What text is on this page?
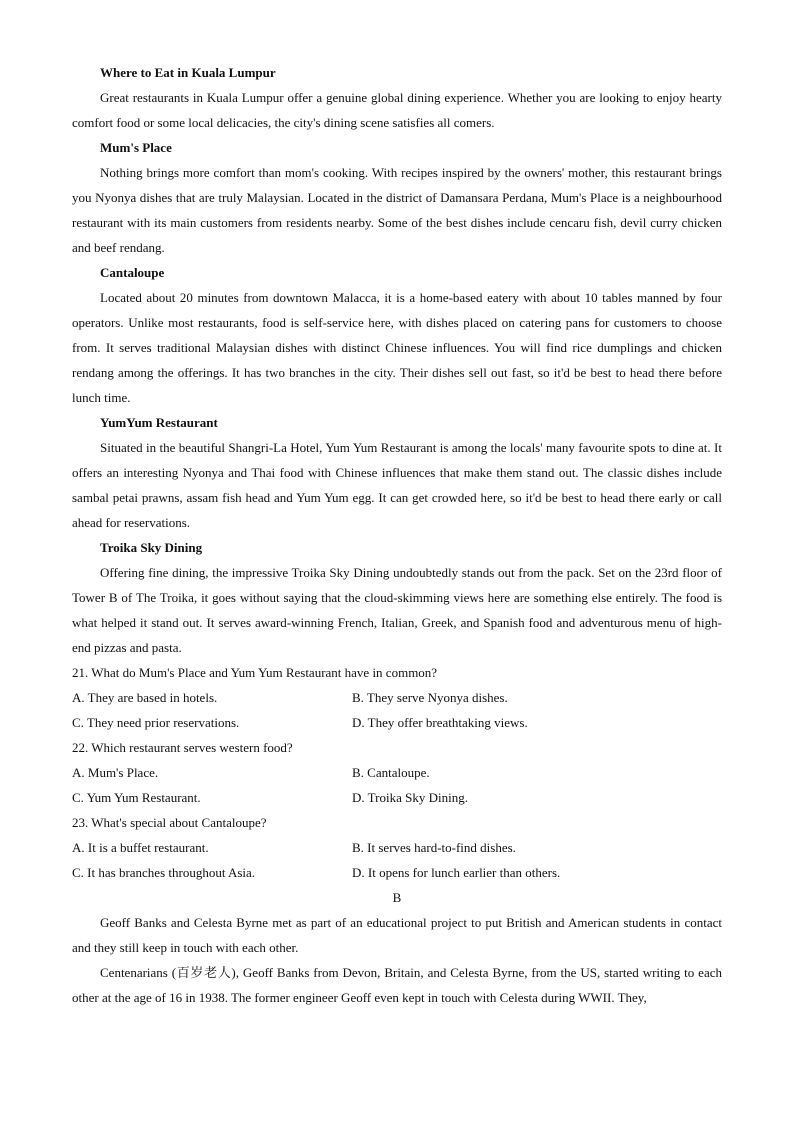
Where to Eat in Kuala Lumpur

Great restaurants in Kuala Lumpur offer a genuine global dining experience. Whether you are looking to enjoy hearty comfort food or some local delicacies, the city's dining scene satisfies all comers.

Mum's Place

Nothing brings more comfort than mom's cooking. With recipes inspired by the owners' mother, this restaurant brings you Nyonya dishes that are truly Malaysian. Located in the district of Damansara Perdana, Mum's Place is a neighbourhood restaurant with its main customers from residents nearby. Some of the best dishes include cencaru fish, devil curry chicken and beef rendang.

Cantaloupe

Located about 20 minutes from downtown Malacca, it is a home-based eatery with about 10 tables manned by four operators. Unlike most restaurants, food is self-service here, with dishes placed on catering pans for customers to choose from. It serves traditional Malaysian dishes with distinct Chinese influences. You will find rice dumplings and chicken rendang among the offerings. It has two branches in the city. Their dishes sell out fast, so it'd be best to head there before lunch time.

YumYum Restaurant

Situated in the beautiful Shangri-La Hotel, Yum Yum Restaurant is among the locals' many favourite spots to dine at. It offers an interesting Nyonya and Thai food with Chinese influences that make them stand out. The classic dishes include sambal petai prawns, assam fish head and Yum Yum egg. It can get crowded here, so it'd be best to head there early or call ahead for reservations.

Troika Sky Dining

Offering fine dining, the impressive Troika Sky Dining undoubtedly stands out from the pack. Set on the 23rd floor of Tower B of The Troika, it goes without saying that the cloud-skimming views here are something else entirely. The food is what helped it stand out. It serves award-winning French, Italian, Greek, and Spanish food and adventurous menu of high-end pizzas and pasta.

21. What do Mum's Place and Yum Yum Restaurant have in common?

A. They are based in hotels.	B. They serve Nyonya dishes.

C. They need prior reservations.	D. They offer breathtaking views.

22. Which restaurant serves western food?

A. Mum's Place.	B. Cantaloupe.

C. Yum Yum Restaurant.	D. Troika Sky Dining.

23. What's special about Cantaloupe?

A. It is a buffet restaurant.	B. It serves hard-to-find dishes.

C. It has branches throughout Asia.	D. It opens for lunch earlier than others.

B

Geoff Banks and Celesta Byrne met as part of an educational project to put British and American students in contact and they still keep in touch with each other.

Centenarians (百岁老人), Geoff Banks from Devon, Britain, and Celesta Byrne, from the US, started writing to each other at the age of 16 in 1938. The former engineer Geoff even kept in touch with Celesta during WWII. They,
